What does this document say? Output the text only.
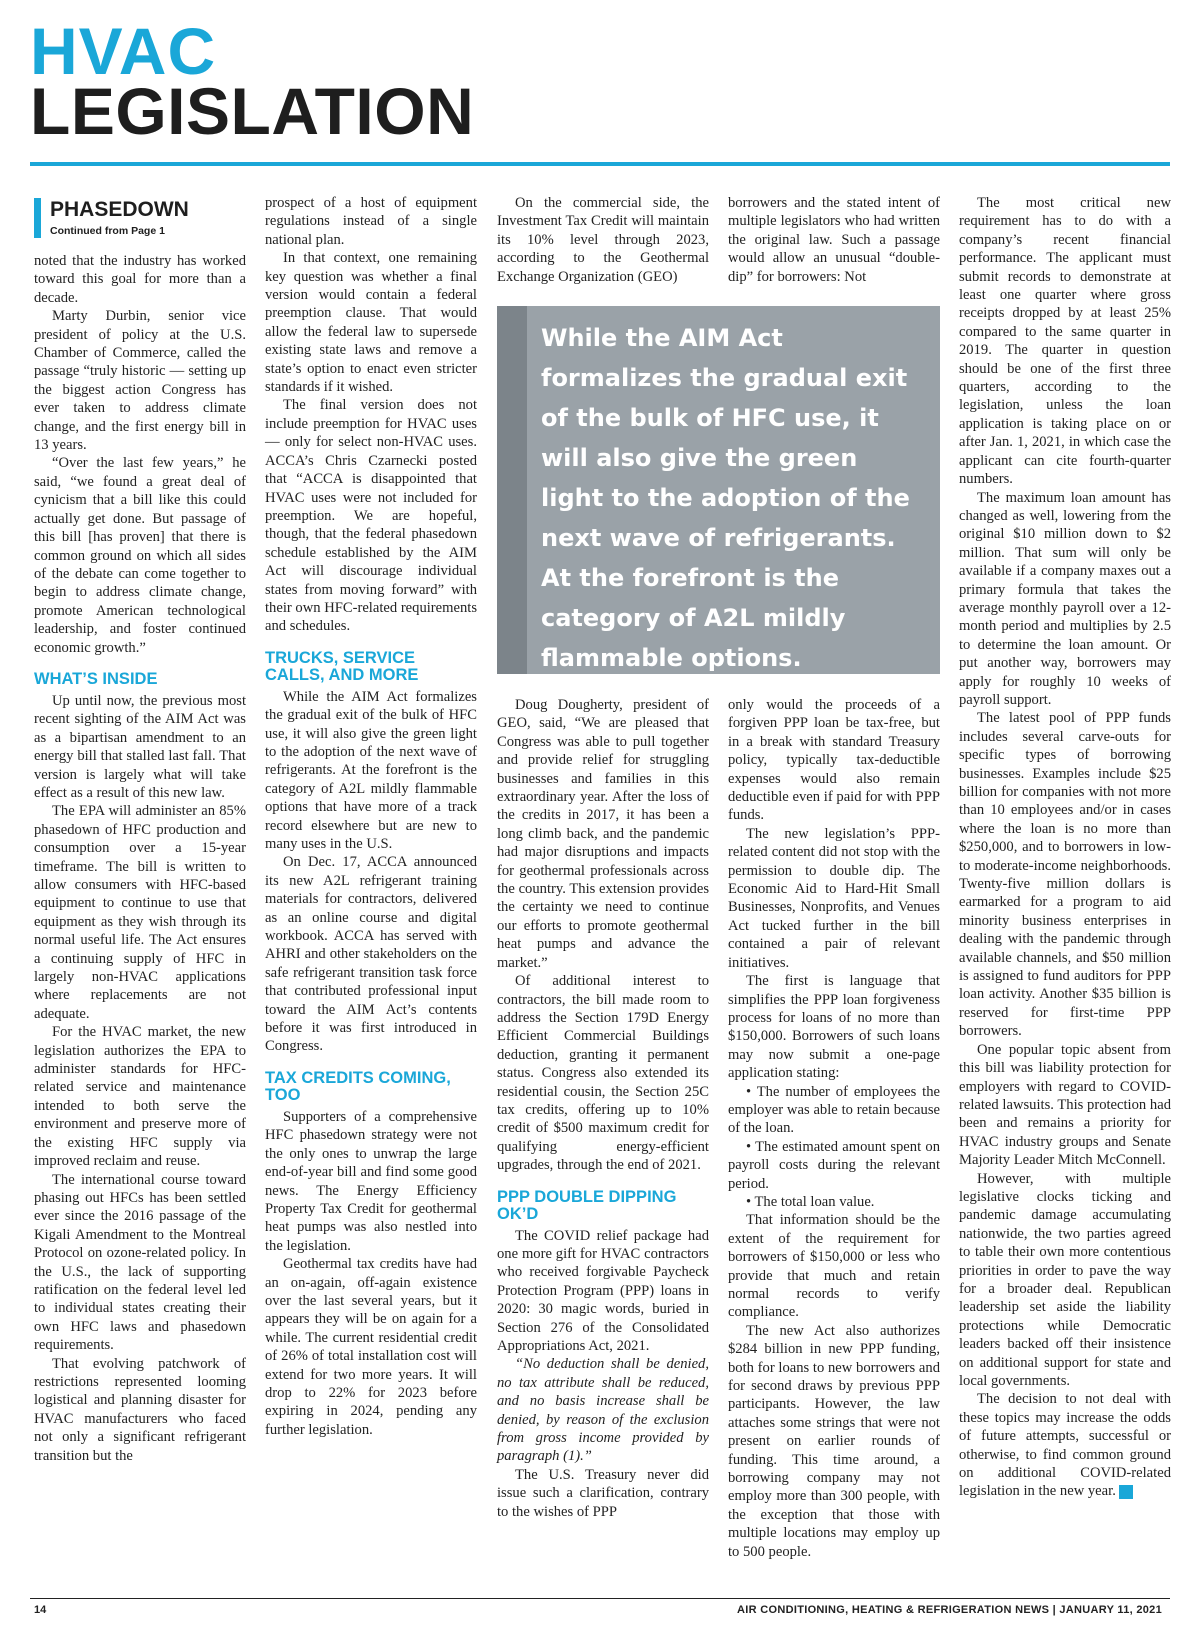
HVAC
LEGISLATION
PHASEDOWN
Continued from Page 1

noted that the industry has worked toward this goal for more than a decade.

Marty Durbin, senior vice president of policy at the U.S. Chamber of Commerce, called the passage “truly historic — setting up the biggest action Congress has ever taken to address climate change, and the first energy bill in 13 years.

“Over the last few years,” he said, “we found a great deal of cynicism that a bill like this could actually get done. But passage of this bill [has proven] that there is common ground on which all sides of the debate can come together to begin to address climate change, promote American technological leadership, and foster continued economic growth.”

WHAT’S INSIDE

Up until now, the previous most recent sighting of the AIM Act was as a bipartisan amendment to an energy bill that stalled last fall. That version is largely what will take effect as a result of this new law.

The EPA will administer an 85% phasedown of HFC production and consumption over a 15-year timeframe. The bill is written to allow consumers with HFC-based equipment to continue to use that equipment as they wish through its normal useful life. The Act ensures a continuing supply of HFC in largely non-HVAC applications where replacements are not adequate.

For the HVAC market, the new legislation authorizes the EPA to administer standards for HFC-related service and maintenance intended to both serve the environment and preserve more of the existing HFC supply via improved reclaim and reuse.

The international course toward phasing out HFCs has been settled ever since the 2016 passage of the Kigali Amendment to the Montreal Protocol on ozone-related policy. In the U.S., the lack of supporting ratification on the federal level led to individual states creating their own HFC laws and phasedown requirements.

That evolving patchwork of restrictions represented looming logistical and planning disaster for HVAC manufacturers who faced not only a significant refrigerant transition but the

prospect of a host of equipment regulations instead of a single national plan.

In that context, one remaining key question was whether a final version would contain a federal preemption clause. That would allow the federal law to supersede existing state laws and remove a state’s option to enact even stricter standards if it wished.

The final version does not include preemption for HVAC uses — only for select non-HVAC uses. ACCA’s Chris Czarnecki posted that “ACCA is disappointed that HVAC uses were not included for preemption. We are hopeful, though, that the federal phasedown schedule established by the AIM Act will discourage individual states from moving forward” with their own HFC-related requirements and schedules.

TRUCKS, SERVICE CALLS, AND MORE

While the AIM Act formalizes the gradual exit of the bulk of HFC use, it will also give the green light to the adoption of the next wave of refrigerants. At the forefront is the category of A2L mildly flammable options that have more of a track record elsewhere but are new to many uses in the U.S.

On Dec. 17, ACCA announced its new A2L refrigerant training materials for contractors, delivered as an online course and digital workbook. ACCA has served with AHRI and other stakeholders on the safe refrigerant transition task force that contributed professional input toward the AIM Act’s contents before it was first introduced in Congress.

TAX CREDITS COMING, TOO

Supporters of a comprehensive HFC phasedown strategy were not the only ones to unwrap the large end-of-year bill and find some good news. The Energy Efficiency Property Tax Credit for geothermal heat pumps was also nestled into the legislation.

Geothermal tax credits have had an on-again, off-again existence over the last several years, but it appears they will be on again for a while. The current residential credit of 26% of total installation cost will extend for two more years. It will drop to 22% for 2023 before expiring in 2024, pending any further legislation.

On the commercial side, the Investment Tax Credit will maintain its 10% level through 2023, according to the Geothermal Exchange Organization (GEO)

borrowers and the stated intent of multiple legislators who had written the original law. Such a passage would allow an unusual “double-dip” for borrowers: Not

While the AIM Act formalizes the gradual exit of the bulk of HFC use, it will also give the green light to the adoption of the next wave of refrigerants. At the forefront is the category of A2L mildly flammable options.

Doug Dougherty, president of GEO, said, “We are pleased that Congress was able to pull together and provide relief for struggling businesses and families in this extraordinary year. After the loss of the credits in 2017, it has been a long climb back, and the pandemic had major disruptions and impacts for geothermal professionals across the country. This extension provides the certainty we need to continue our efforts to promote geothermal heat pumps and advance the market.”

Of additional interest to contractors, the bill made room to address the Section 179D Energy Efficient Commercial Buildings deduction, granting it permanent status. Congress also extended its residential cousin, the Section 25C tax credits, offering up to 10% credit of $500 maximum credit for qualifying energy-efficient upgrades, through the end of 2021.

PPP DOUBLE DIPPING OK’D

The COVID relief package had one more gift for HVAC contractors who received forgivable Paycheck Protection Program (PPP) loans in 2020: 30 magic words, buried in Section 276 of the Consolidated Appropriations Act, 2021.

“No deduction shall be denied, no tax attribute shall be reduced, and no basis increase shall be denied, by reason of the exclusion from gross income provided by paragraph (1).”

The U.S. Treasury never did issue such a clarification, contrary to the wishes of PPP

only would the proceeds of a forgiven PPP loan be tax-free, but in a break with standard Treasury policy, typically tax-deductible expenses would also remain deductible even if paid for with PPP funds.

The new legislation’s PPP-related content did not stop with the permission to double dip. The Economic Aid to Hard-Hit Small Businesses, Nonprofits, and Venues Act tucked further in the bill contained a pair of relevant initiatives.

The first is language that simplifies the PPP loan forgiveness process for loans of no more than $150,000. Borrowers of such loans may now submit a one-page application stating:

• The number of employees the employer was able to retain because of the loan.

• The estimated amount spent on payroll costs during the relevant period.

• The total loan value.

That information should be the extent of the requirement for borrowers of $150,000 or less who provide that much and retain normal records to verify compliance.

The new Act also authorizes $284 billion in new PPP funding, both for loans to new borrowers and for second draws by previous PPP participants. However, the law attaches some strings that were not present on earlier rounds of funding. This time around, a borrowing company may not employ more than 300 people, with the exception that those with multiple locations may employ up to 500 people.

The most critical new requirement has to do with a company’s recent financial performance. The applicant must submit records to demonstrate at least one quarter where gross receipts dropped by at least 25% compared to the same quarter in 2019. The quarter in question should be one of the first three quarters, according to the legislation, unless the loan application is taking place on or after Jan. 1, 2021, in which case the applicant can cite fourth-quarter numbers.

The maximum loan amount has changed as well, lowering from the original $10 million down to $2 million. That sum will only be available if a company maxes out a primary formula that takes the average monthly payroll over a 12-month period and multiplies by 2.5 to determine the loan amount. Or put another way, borrowers may apply for roughly 10 weeks of payroll support.

The latest pool of PPP funds includes several carve-outs for specific types of borrowing businesses. Examples include $25 billion for companies with not more than 10 employees and/or in cases where the loan is no more than $250,000, and to borrowers in low- to moderate-income neighborhoods. Twenty-five million dollars is earmarked for a program to aid minority business enterprises in dealing with the pandemic through available channels, and $50 million is assigned to fund auditors for PPP loan activity. Another $35 billion is reserved for first-time PPP borrowers.

One popular topic absent from this bill was liability protection for employers with regard to COVID-related lawsuits. This protection had been and remains a priority for HVAC industry groups and Senate Majority Leader Mitch McConnell.

However, with multiple legislative clocks ticking and pandemic damage accumulating nationwide, the two parties agreed to table their own more contentious priorities in order to pave the way for a broader deal. Republican leadership set aside the liability protections while Democratic leaders backed off their insistence on additional support for state and local governments.

The decision to not deal with these topics may increase the odds of future attempts, successful or otherwise, to find common ground on additional COVID-related legislation in the new year. N

14	AIR CONDITIONING, HEATING & REFRIGERATION NEWS | JANUARY 11, 2021
